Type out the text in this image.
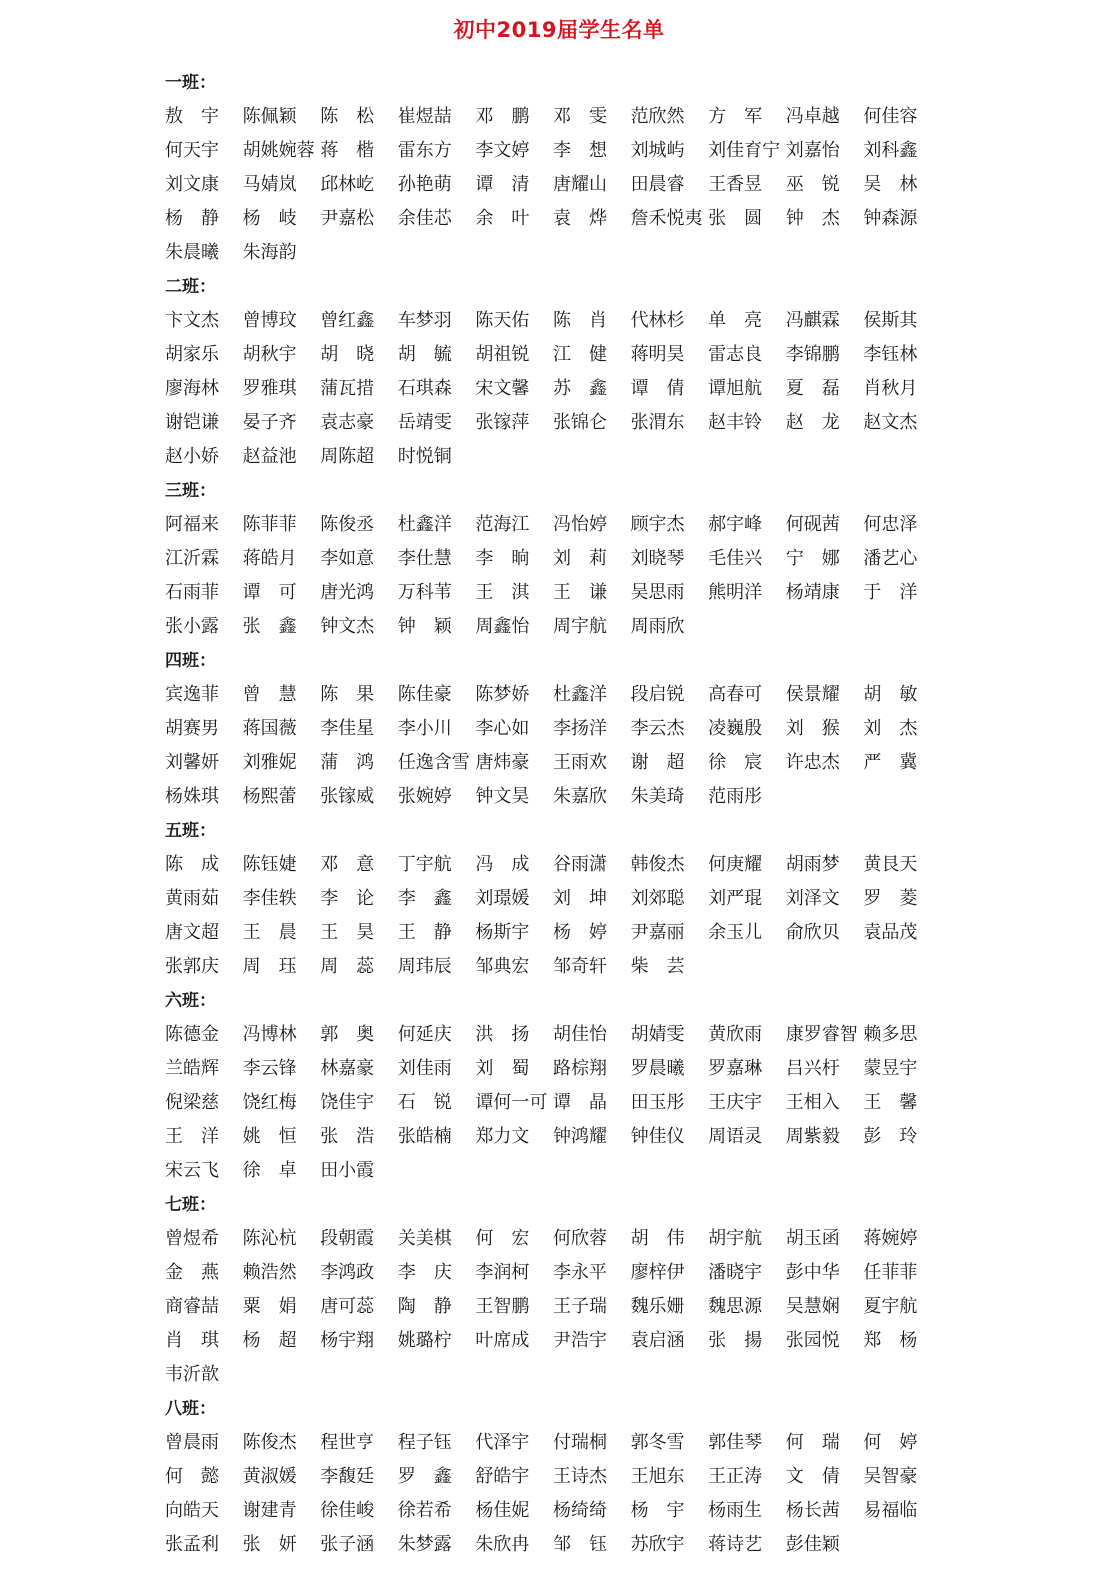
初中2019届学生名单
一班：
敖宇 陈佩颖 陈松 崔煜喆 邓鹏 邓雯 范欣然 方军 冯卓越 何佳容
何天宇 胡姚婉蓉 蒋楷 雷东方 李文婷 李想 刘城屿 刘佳育宁 刘嘉怡 刘科鑫
刘文康 马婧岚 邱林屹 孙艳萌 谭清 唐耀山 田晨睿 王香昱 巫锐 吴林
杨静 杨岐 尹嘉松 余佳芯 余叶 袁烨 詹禾悦夷 张圆 钟杰 钟森源
朱晨曦 朱海韵
二班：
卞文杰 曾博玟 曾红鑫 车梦羽 陈天佑 陈肖 代林杉 单亮 冯麒霖 侯斯其
胡家乐 胡秋宇 胡晓 胡毓 胡祖锐 江健 蒋明昊 雷志良 李锦鹏 李钰林
廖海林 罗雅琪 蒲瓦措 石琪森 宋文馨 苏鑫 谭倩 谭旭航 夏磊 肖秋月
谢铠谦 晏子齐 袁志豪 岳靖雯 张镓萍 张锦仑 张渭东 赵丰铃 赵龙 赵文杰
赵小娇 赵益池 周陈超 时悦铜
三班：
阿福来 陈菲菲 陈俊丞 杜鑫洋 范海江 冯怡婷 顾宇杰 郝宇峰 何砚茜 何忠泽
江沂霖 蒋皓月 李如意 李仕慧 李晌 刘莉 刘晓琴 毛佳兴 宁娜 潘艺心
石雨菲 谭可 唐光鸿 万科苇 王淇 王谦 吴思雨 熊明洋 杨靖康 于洋
张小露 张鑫 钟文杰 钟颖 周鑫怡 周宇航 周雨欣
四班：
宾逸菲 曾慧 陈果 陈佳豪 陈梦娇 杜鑫洋 段启锐 高春可 侯景耀 胡敏
胡赛男 蒋国薇 李佳星 李小川 李心如 李扬洋 李云杰 凌巍殷 刘猴 刘杰
刘馨妍 刘雅妮 蒲鸿 任逸含雪 唐炜豪 王雨欢 谢超 徐宸 许忠杰 严冀
杨姝琪 杨熙蕾 张镓威 张婉婷 钟文昊 朱嘉欣 朱美琦 范雨彤
五班：
陈成 陈钰婕 邓意 丁宇航 冯成 谷雨潇 韩俊杰 何庚耀 胡雨梦 黄艮天
黄雨茹 李佳轶 李论 李鑫 刘璟媛 刘坤 刘郊聪 刘严琨 刘泽文 罗菱
唐文超 王晨 王昊 王静 杨斯宇 杨婷 尹嘉丽 余玉儿 俞欣贝 袁品茂
张郭庆 周珏 周蕊 周玮辰 邹典宏 邹奇轩 柴芸
六班：
陈德金 冯博林 郭奥 何延庆 洪扬 胡佳怡 胡婧雯 黄欣雨 康罗睿智 赖多思
兰皓辉 李云锋 林嘉豪 刘佳雨 刘蜀 路棕翔 罗晨曦 罗嘉琳 吕兴杅 蒙昱宇
倪梁慈 饶红梅 饶佳宇 石锐 谭何一可 谭晶 田玉彤 王庆宇 王相入 王馨
王洋 姚恒 张浩 张皓楠 郑力文 钟鸿耀 钟佳仪 周语灵 周紫毅 彭玲
宋云飞 徐卓 田小霞
七班：
曾煜希 陈沁杭 段朝霞 关美棋 何宏 何欣蓉 胡伟 胡宇航 胡玉函 蒋婉婷
金燕 赖浩然 李鸿政 李庆 李润柯 李永平 廖梓伊 潘晓宇 彭中华 任菲菲
商睿喆 粟娟 唐可蕊 陶静 王智鹏 王子瑞 魏乐姗 魏思源 吴慧娴 夏宇航
肖琪 杨超 杨宇翔 姚璐柠 叶席成 尹浩宇 袁启涵 张揚 张园悦 郑杨
韦沂歆
八班：
曾晨雨 陈俊杰 程世亨 程子钰 代泽宇 付瑞桐 郭冬雪 郭佳琴 何瑞 何婷
何懿 黄淑媛 李馥廷 罗鑫 舒皓宇 王诗杰 王旭东 王正涛 文倩 吴智豪
向皓天 谢建青 徐佳峻 徐若希 杨佳妮 杨绮绮 杨宇 杨雨生 杨长茜 易福临
张孟利 张妍 张子涵 朱梦露 朱欣冉 邹钰 苏欣宇 蒋诗艺 彭佳颖
